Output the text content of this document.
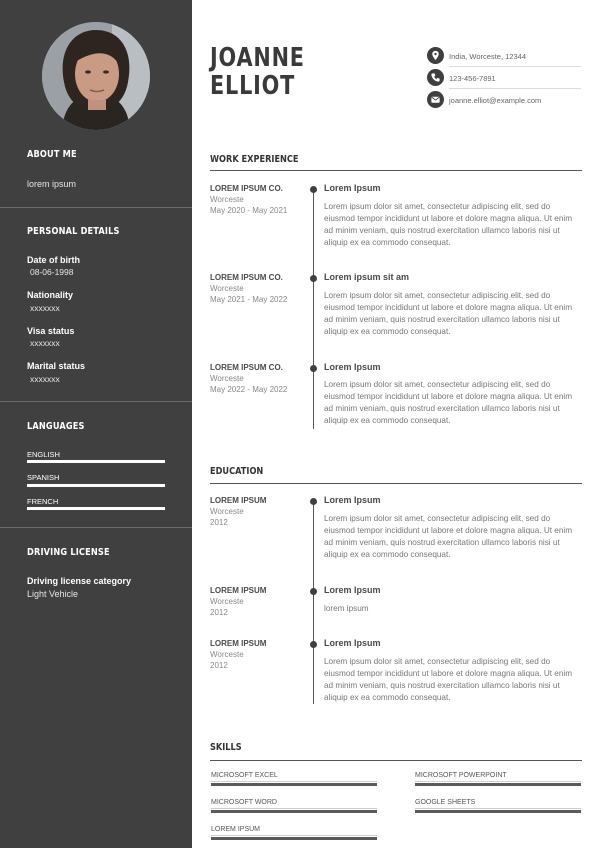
ABOUT ME
lorem ipsum
PERSONAL DETAILS
Date of birth
08-06-1998
Nationality
xxxxxxx
Visa status
xxxxxxx
Marital status
xxxxxxx
LANGUAGES
ENGLISH
SPANISH
FRENCH
DRIVING LICENSE
Driving license category
Light Vehicle
JOANNE
ELLIOT
India, Worceste, 12344
123-456-7891
joanne.elliot@example.com
WORK EXPERIENCE
LOREM IPSUM CO.
Worceste
May 2020 - May 2021
Lorem Ipsum
Lorem ipsum dolor sit amet, consectetur adipiscing elit, sed do eiusmod tempor incididunt ut labore et dolore magna aliqua. Ut enim ad minim veniam, quis nostrud exercitation ullamco laboris nisi ut aliquip ex ea commodo consequat.
LOREM IPSUM CO.
Worceste
May 2021 - May 2022
Lorem ipsum sit am
Lorem ipsum dolor sit amet, consectetur adipiscing elit, sed do eiusmod tempor incididunt ut labore et dolore magna aliqua. Ut enim ad minim veniam, quis nostrud exercitation ullamco laboris nisi ut aliquip ex ea commodo consequat.
LOREM IPSUM CO.
Worceste
May 2022 - May 2022
Lorem Ipsum
Lorem ipsum dolor sit amet, consectetur adipiscing elit, sed do eiusmod tempor incididunt ut labore et dolore magna aliqua. Ut enim ad minim veniam, quis nostrud exercitation ullamco laboris nisi ut aliquip ex ea commodo consequat.
EDUCATION
LOREM IPSUM
Worceste
2012
Lorem Ipsum
Lorem ipsum dolor sit amet, consectetur adipiscing elit, sed do eiusmod tempor incididunt ut labore et dolore magna aliqua. Ut enim ad minim veniam, quis nostrud exercitation ullamco laboris nisi ut aliquip ex ea commodo consequat.
LOREM IPSUM
Worceste
2012
Lorem Ipsum
lorem ipsum
LOREM IPSUM
Worceste
2012
Lorem Ipsum
Lorem ipsum dolor sit amet, consectetur adipiscing elit, sed do eiusmod tempor incididunt ut labore et dolore magna aliqua. Ut enim ad minim veniam, quis nostrud exercitation ullamco laboris nisi ut aliquip ex ea commodo consequat.
SKILLS
MICROSOFT EXCEL	MICROSOFT POWERPOINT
MICROSOFT WORD	GOOGLE SHEETS
LOREM IPSUM
